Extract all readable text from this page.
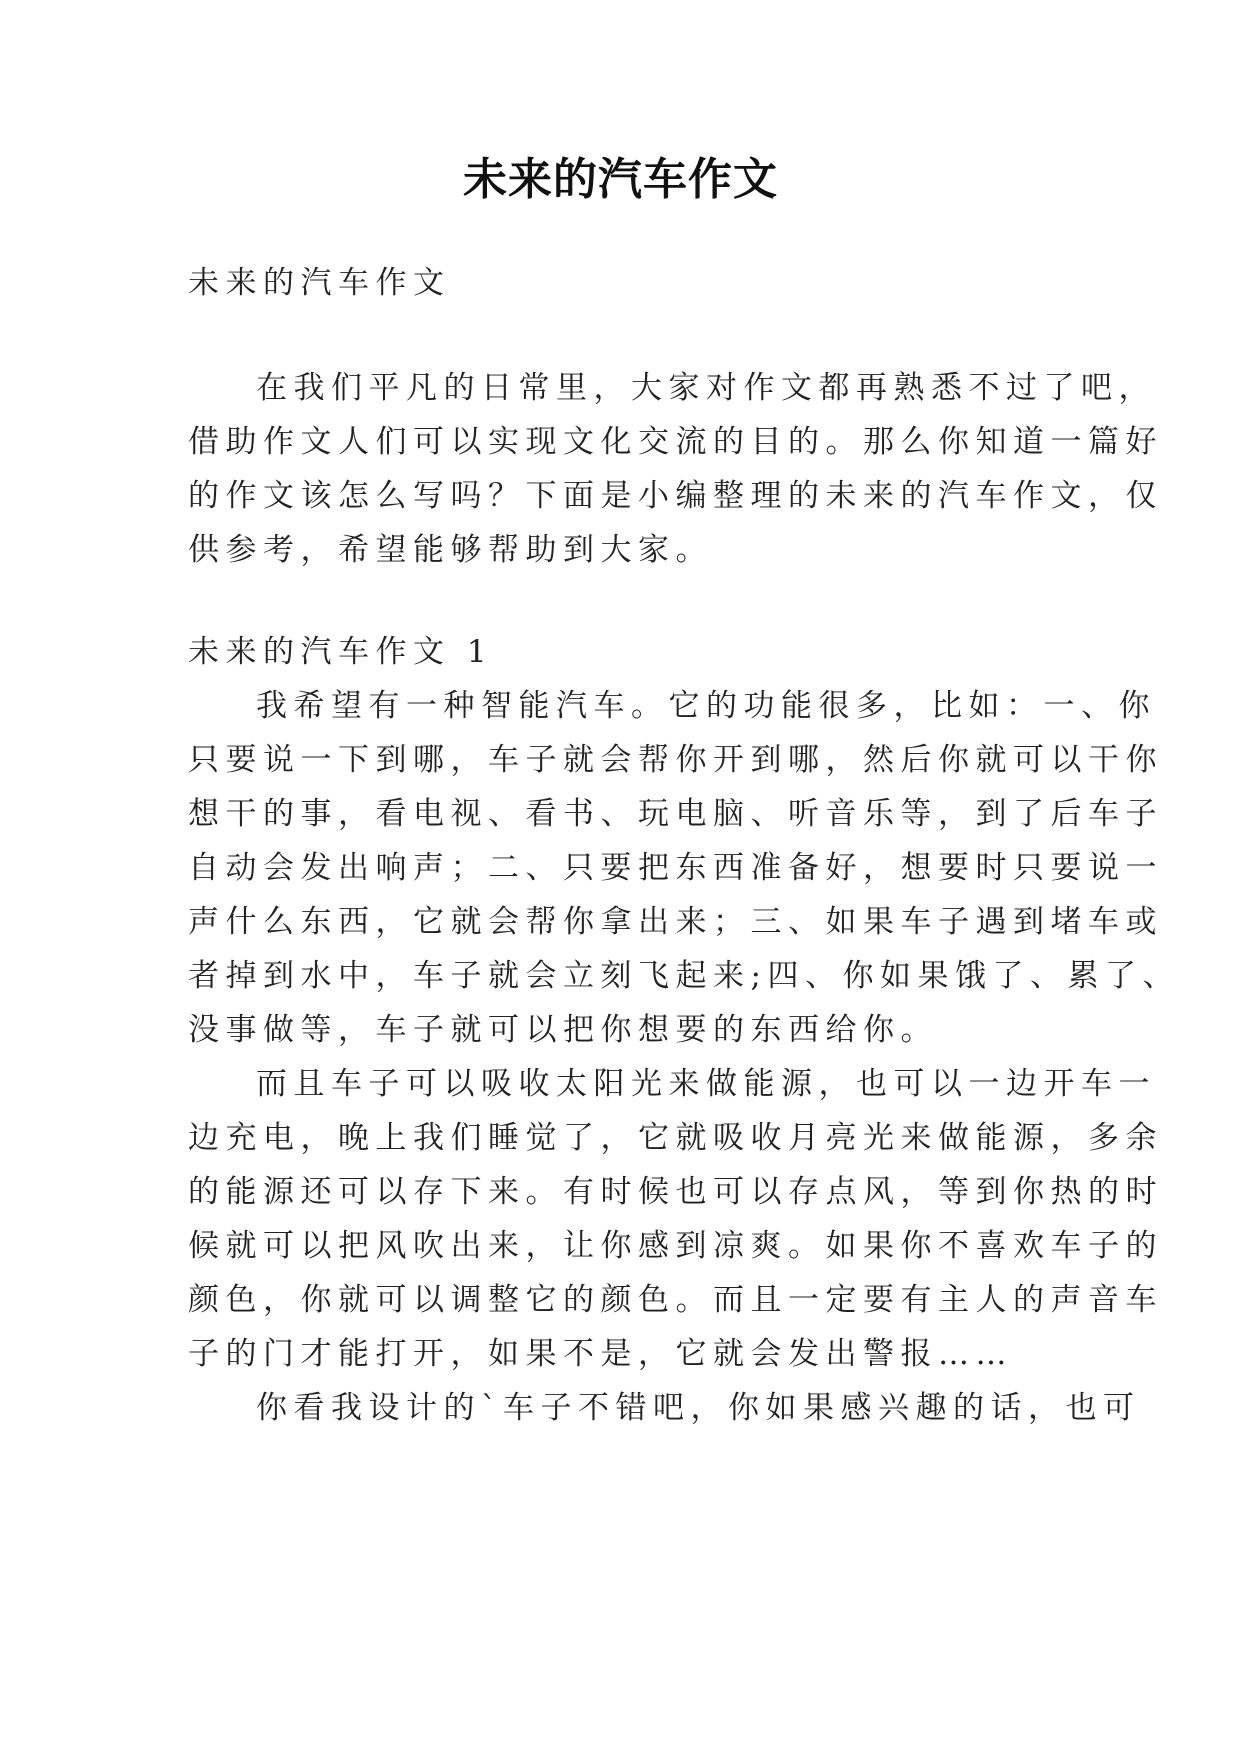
未来的汽车作文
未来的汽车作文
在我们平凡的日常里，大家对作文都再熟悉不过了吧，
借助作文人们可以实现文化交流的目的。那么你知道一篇好
的作文该怎么写吗？下面是小编整理的未来的汽车作文，仅
供参考，希望能够帮助到大家。
未来的汽车作文 1
我希望有一种智能汽车。它的功能很多，比如：一、你
只要说一下到哪，车子就会帮你开到哪，然后你就可以干你
想干的事，看电视、看书、玩电脑、听音乐等，到了后车子
自动会发出响声；二、只要把东西准备好，想要时只要说一
声什么东西，它就会帮你拿出来；三、如果车子遇到堵车或
者掉到水中，车子就会立刻飞起来;四、你如果饿了、累了、
没事做等，车子就可以把你想要的东西给你。
而且车子可以吸收太阳光来做能源，也可以一边开车一
边充电，晚上我们睡觉了，它就吸收月亮光来做能源，多余
的能源还可以存下来。有时候也可以存点风，等到你热的时
候就可以把风吹出来，让你感到凉爽。如果你不喜欢车子的
颜色，你就可以调整它的颜色。而且一定要有主人的声音车
子的门才能打开，如果不是，它就会发出警报……
你看我设计的`车子不错吧，你如果感兴趣的话，也可
